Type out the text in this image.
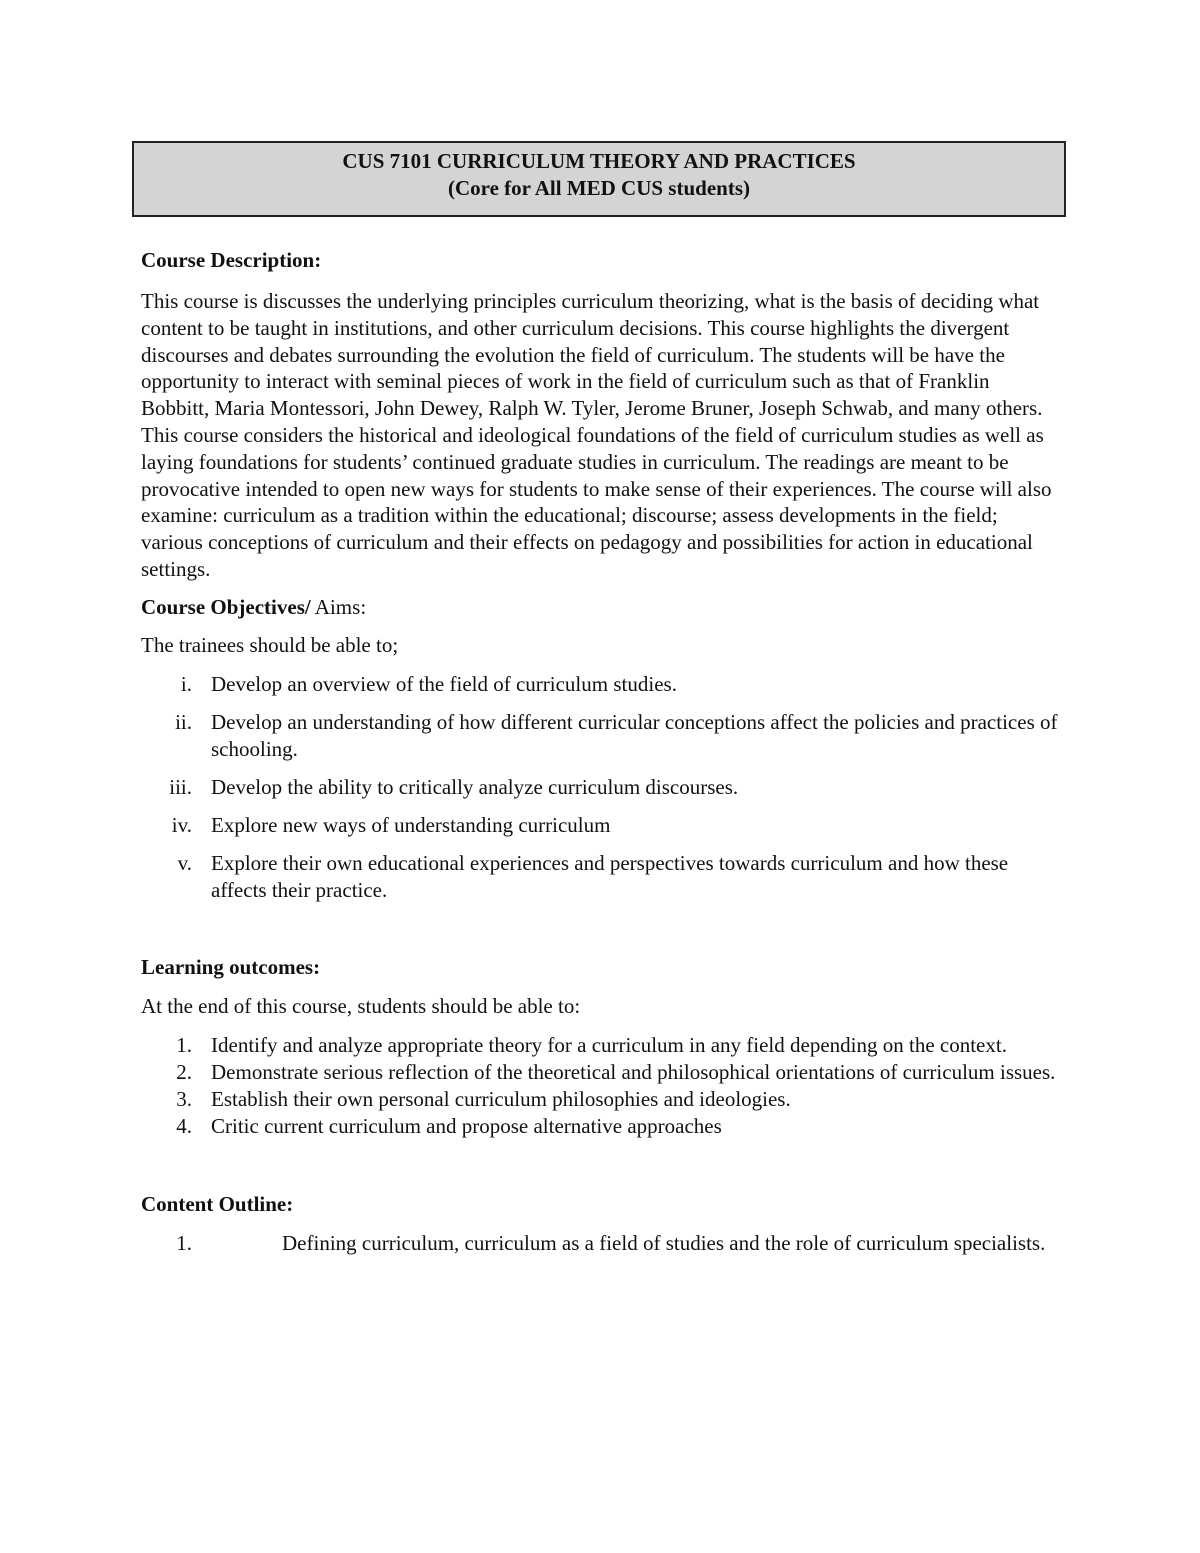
CUS 7101 CURRICULUM THEORY AND PRACTICES
(Core for All MED CUS students)

Course Description:

This course is discusses the underlying principles curriculum theorizing, what is the basis of deciding what content to be taught in institutions, and other curriculum decisions. This course highlights the divergent discourses and debates surrounding the evolution the field of curriculum. The students will be have the opportunity to interact with seminal pieces of work in the field of curriculum such as that of Franklin Bobbitt, Maria Montessori, John Dewey, Ralph W. Tyler, Jerome Bruner, Joseph Schwab, and many others. This course considers the historical and ideological foundations of the field of curriculum studies as well as laying foundations for students’ continued graduate studies in curriculum. The readings are meant to be provocative intended to open new ways for students to make sense of their experiences. The course will also examine: curriculum as a tradition within the educational; discourse; assess developments in the field; various conceptions of curriculum and their effects on pedagogy and possibilities for action in educational settings.

Course Objectives/ Aims:

The trainees should be able to;

i. Develop an overview of the field of curriculum studies.
ii. Develop an understanding of how different curricular conceptions affect the policies and practices of schooling.
iii. Develop the ability to critically analyze curriculum discourses.
iv. Explore new ways of understanding curriculum
v. Explore their own educational experiences and perspectives towards curriculum and how these affects their practice.

Learning outcomes:

At the end of this course, students should be able to:

1. Identify and analyze appropriate theory for a curriculum in any field depending on the context.
2. Demonstrate serious reflection of the theoretical and philosophical orientations of curriculum issues.
3. Establish their own personal curriculum philosophies and ideologies.
4. Critic current curriculum and propose alternative approaches

Content Outline:

1.	Defining curriculum, curriculum as a field of studies and the role of curriculum specialists.
